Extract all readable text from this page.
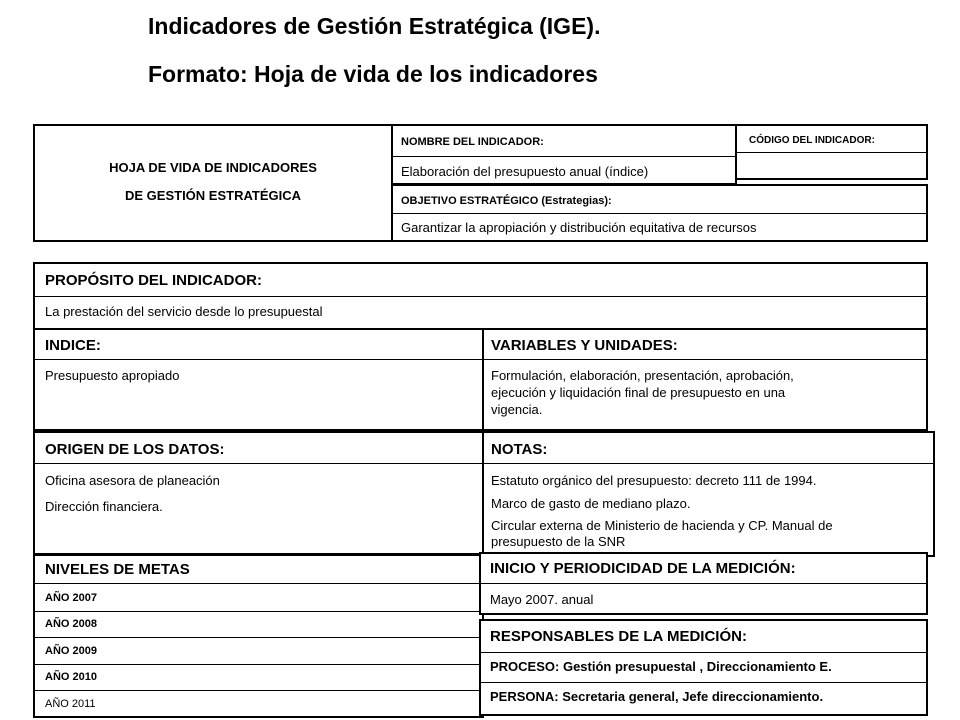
Indicadores de Gestión Estratégica (IGE).
Formato: Hoja de vida de los indicadores
HOJA DE VIDA DE INDICADORES
DE GESTIÓN ESTRATÉGICA
NOMBRE DEL INDICADOR:
Elaboración del presupuesto anual (índice)
CÓDIGO DEL INDICADOR:
OBJETIVO ESTRATÉGICO (Estrategias):
Garantizar la apropiación y distribución equitativa de recursos
PROPÓSITO DEL INDICADOR:
La prestación del servicio desde lo presupuestal
INDICE:
Presupuesto apropiado
VARIABLES Y UNIDADES:
Formulación, elaboración, presentación, aprobación,
ejecución y liquidación final de presupuesto en una
vigencia.
ORIGEN DE LOS DATOS:
Oficina asesora de planeación
Dirección financiera.
NOTAS:
Estatuto orgánico del presupuesto: decreto 111 de 1994.
Marco de gasto de mediano plazo.
Circular externa de Ministerio de hacienda y CP. Manual de
presupuesto de la SNR
NIVELES DE METAS
AÑO 2007
AÑO 2008
AÑO 2009
AÑO 2010
AÑO 2011
INICIO Y PERIODICIDAD DE LA MEDICIÓN:
Mayo 2007. anual
RESPONSABLES DE LA MEDICIÓN:
PROCESO: Gestión presupuestal , Direccionamiento E.
PERSONA: Secretaria general, Jefe direccionamiento.
